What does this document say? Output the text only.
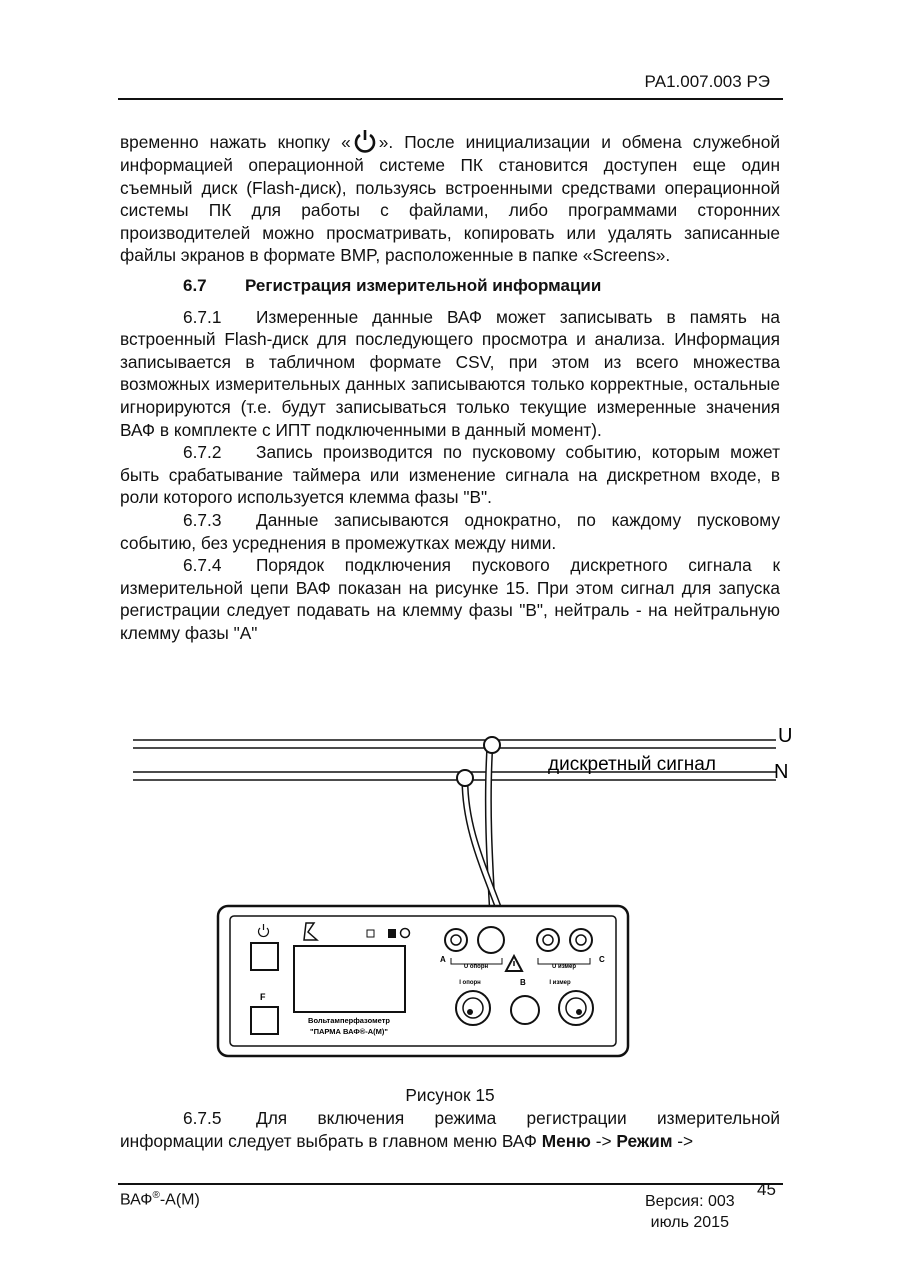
РА1.007.003 РЭ

временно нажать кнопку « ». После инициализации и обмена служебной информацией операционной системе ПК становится доступен еще один съемный диск (Flash-диск), пользуясь встроенными средствами операционной системы ПК для работы с файлами, либо программами сторонних производителей можно просматривать, копировать или удалять записанные файлы экранов в формате BMP, расположенные в папке «Screens».

6.7 Регистрация измерительной информации

6.7.1 Измеренные данные ВАФ может записывать в память на встроенный Flash-диск для последующего просмотра и анализа. Информация записывается в табличном формате CSV, при этом из всего множества возможных измерительных данных записываются только корректные, остальные игнорируются (т.е. будут записываться только текущие измеренные значения ВАФ в комплекте с ИПТ подключенными в данный момент).

6.7.2 Запись производится по пусковому событию, которым может быть срабатывание таймера или изменение сигнала на дискретном входе, в роли которого используется клемма фазы "В".

6.7.3 Данные записываются однократно, по каждому пусковому событию, без усреднения в промежутках между ними.

6.7.4 Порядок подключения пускового дискретного сигнала к измерительной цепи ВАФ показан на рисунке 15. При этом сигнал для запуска регистрации следует подавать на клемму фазы "В", нейтраль - на нейтральную клемму фазы "А"

U
N
дискретный сигнал
F
Вольтамперфазометр
"ПАРМА ВАФ®-А(М)"
A
U опорн	U измер
C
I опорн	B	I измер
Рисунок 15

6.7.5 Для включения режима регистрации измерительной информации следует выбрать в главном меню ВАФ Меню -> Режим ->

ВАФ®-А(М)	Версия: 003
июль 2015
45
